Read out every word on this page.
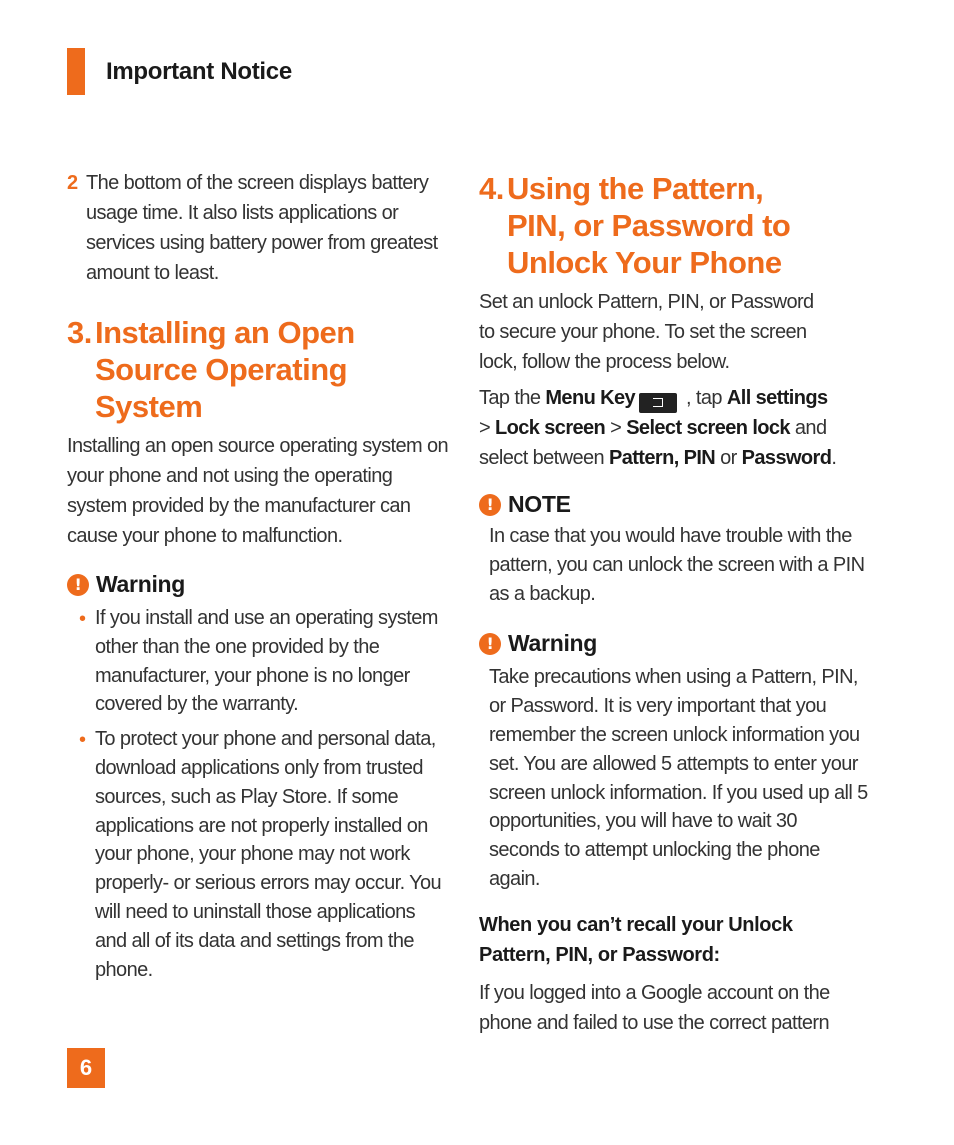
Important Notice
2 The bottom of the screen displays battery usage time. It also lists applications or services using battery power from greatest amount to least.
3. Installing an Open Source Operating System

Installing an open source operating system on your phone and not using the operating system provided by the manufacturer can cause your phone to malfunction.

! Warning
• If you install and use an operating system other than the one provided by the manufacturer, your phone is no longer covered by the warranty.
• To protect your phone and personal data, download applications only from trusted sources, such as Play Store. If some applications are not properly installed on your phone, your phone may not work properly- or serious errors may occur. You will need to uninstall those applications and all of its data and settings from the phone.
4. Using the Pattern, PIN, or Password to Unlock Your Phone

Set an unlock Pattern, PIN, or Password to secure your phone. To set the screen lock, follow the process below.

Tap the Menu Key
, tap All settings
> Lock screen > Select screen lock and select between Pattern, PIN or Password.

! NOTE

In case that you would have trouble with the pattern, you can unlock the screen with a PIN as a backup.

! Warning

Take precautions when using a Pattern, PIN, or Password. It is very important that you remember the screen unlock information you set. You are allowed 5 attempts to enter your screen unlock information. If you used up all 5 opportunities, you will have to wait 30 seconds to attempt unlocking the phone again.

When you can’t recall your Unlock Pattern, PIN, or Password:

If you logged into a Google account on the phone and failed to use the correct pattern

6
